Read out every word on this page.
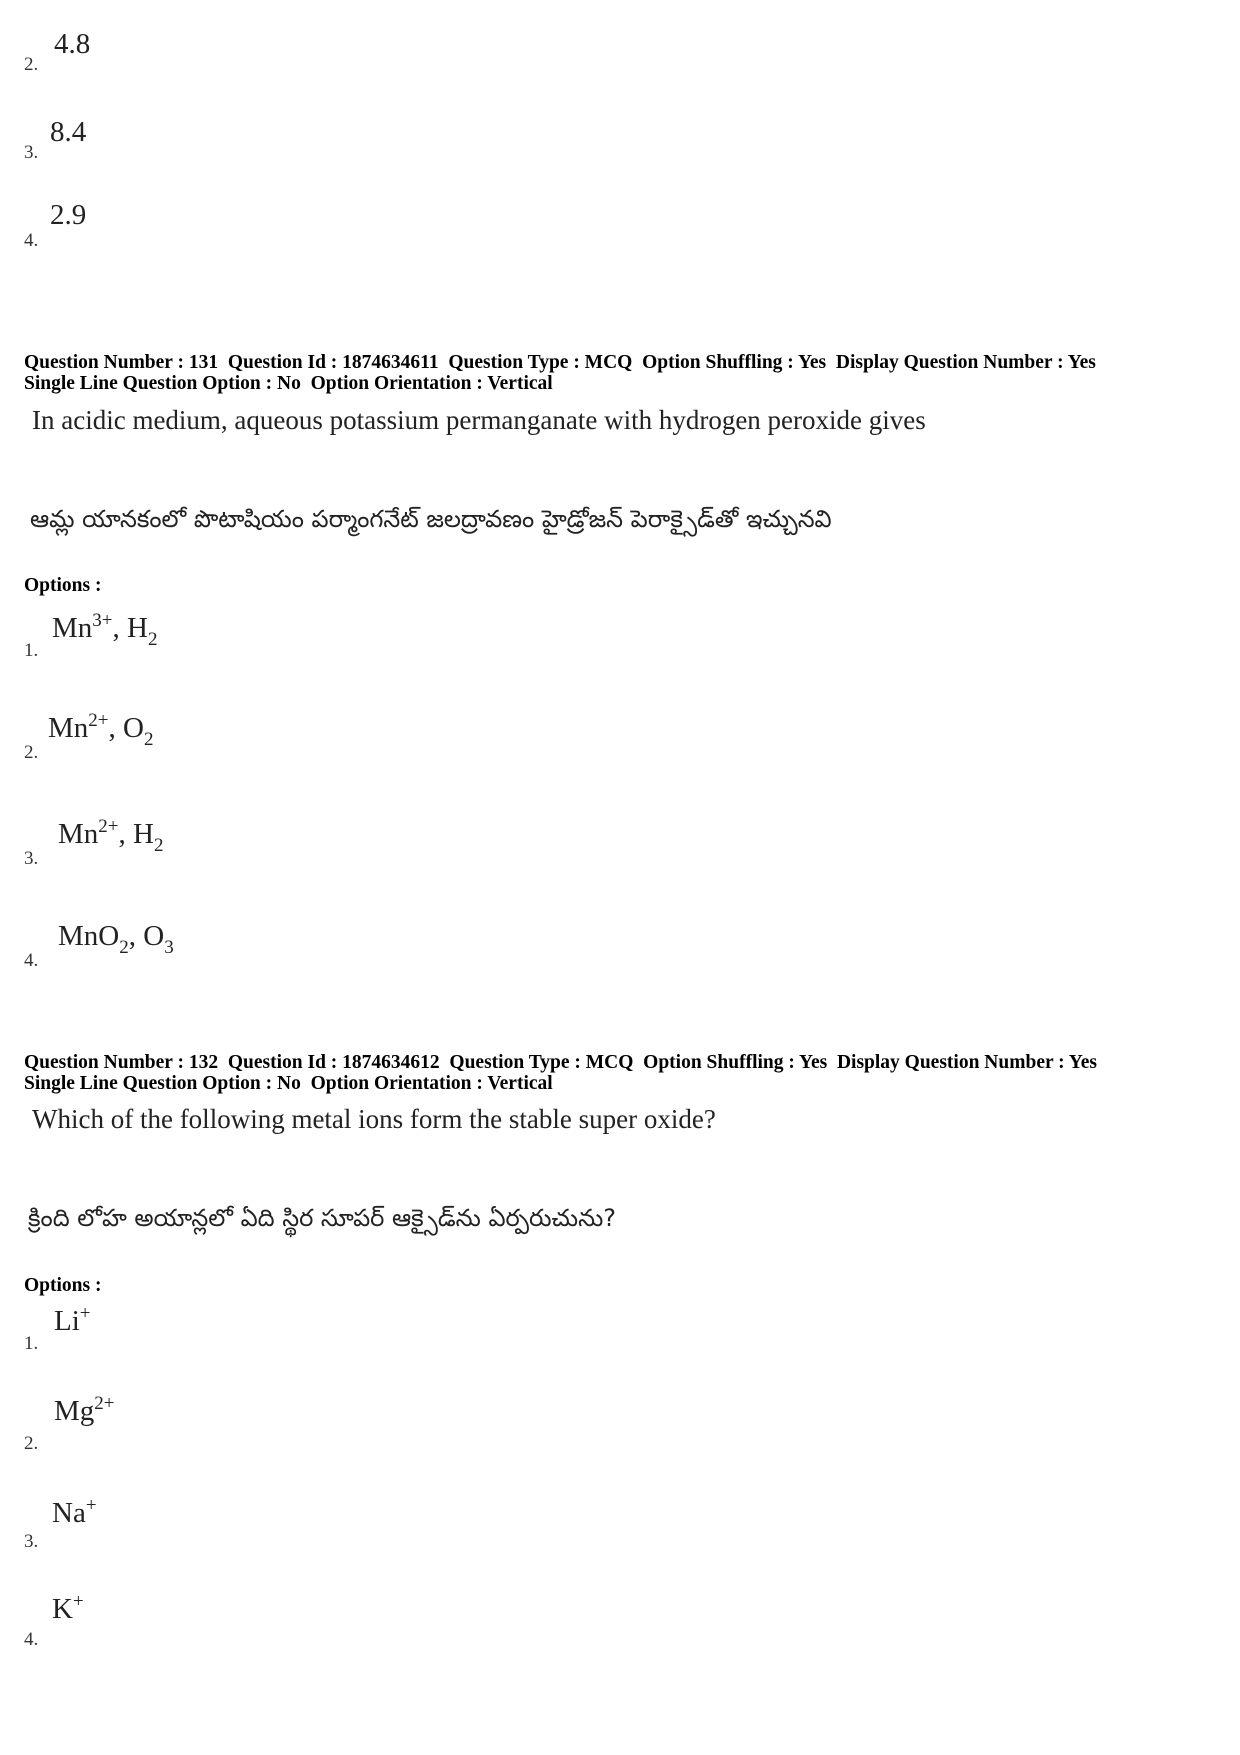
2.
4.8
3.
8.4
4.
2.9
Question Number : 131  Question Id : 1874634611  Question Type : MCQ  Option Shuffling : Yes  Display Question Number : Yes
Single Line Question Option : No  Option Orientation : Vertical
In acidic medium, aqueous potassium permanganate with hydrogen peroxide gives
ఆమ్ల యానకంలో పొటాషియం పర్మాంగనేట్ జలద్రావణం హైడ్రోజన్ పెరాక్సైడ్‌తో ఇచ్చునవి
Options :
1.
$Mn^{3+}$, $H_2$
2.
$Mn^{2+}$, $O_2$
3.
$Mn^{2+}$, $H_2$
4.
MnO$_2$, $O_3$
Question Number : 132  Question Id : 1874634612  Question Type : MCQ  Option Shuffling : Yes  Display Question Number : Yes
Single Line Question Option : No  Option Orientation : Vertical
Which of the following metal ions form the stable super oxide?
క్రింది లోహ అయాన్లలో ఏది స్థిర సూపర్ ఆక్సైడ్‌ను ఏర్పరుచును?
Options :
1.
Li+
2.
$Mg^{2+}$
3.
Na+
4.
K+
